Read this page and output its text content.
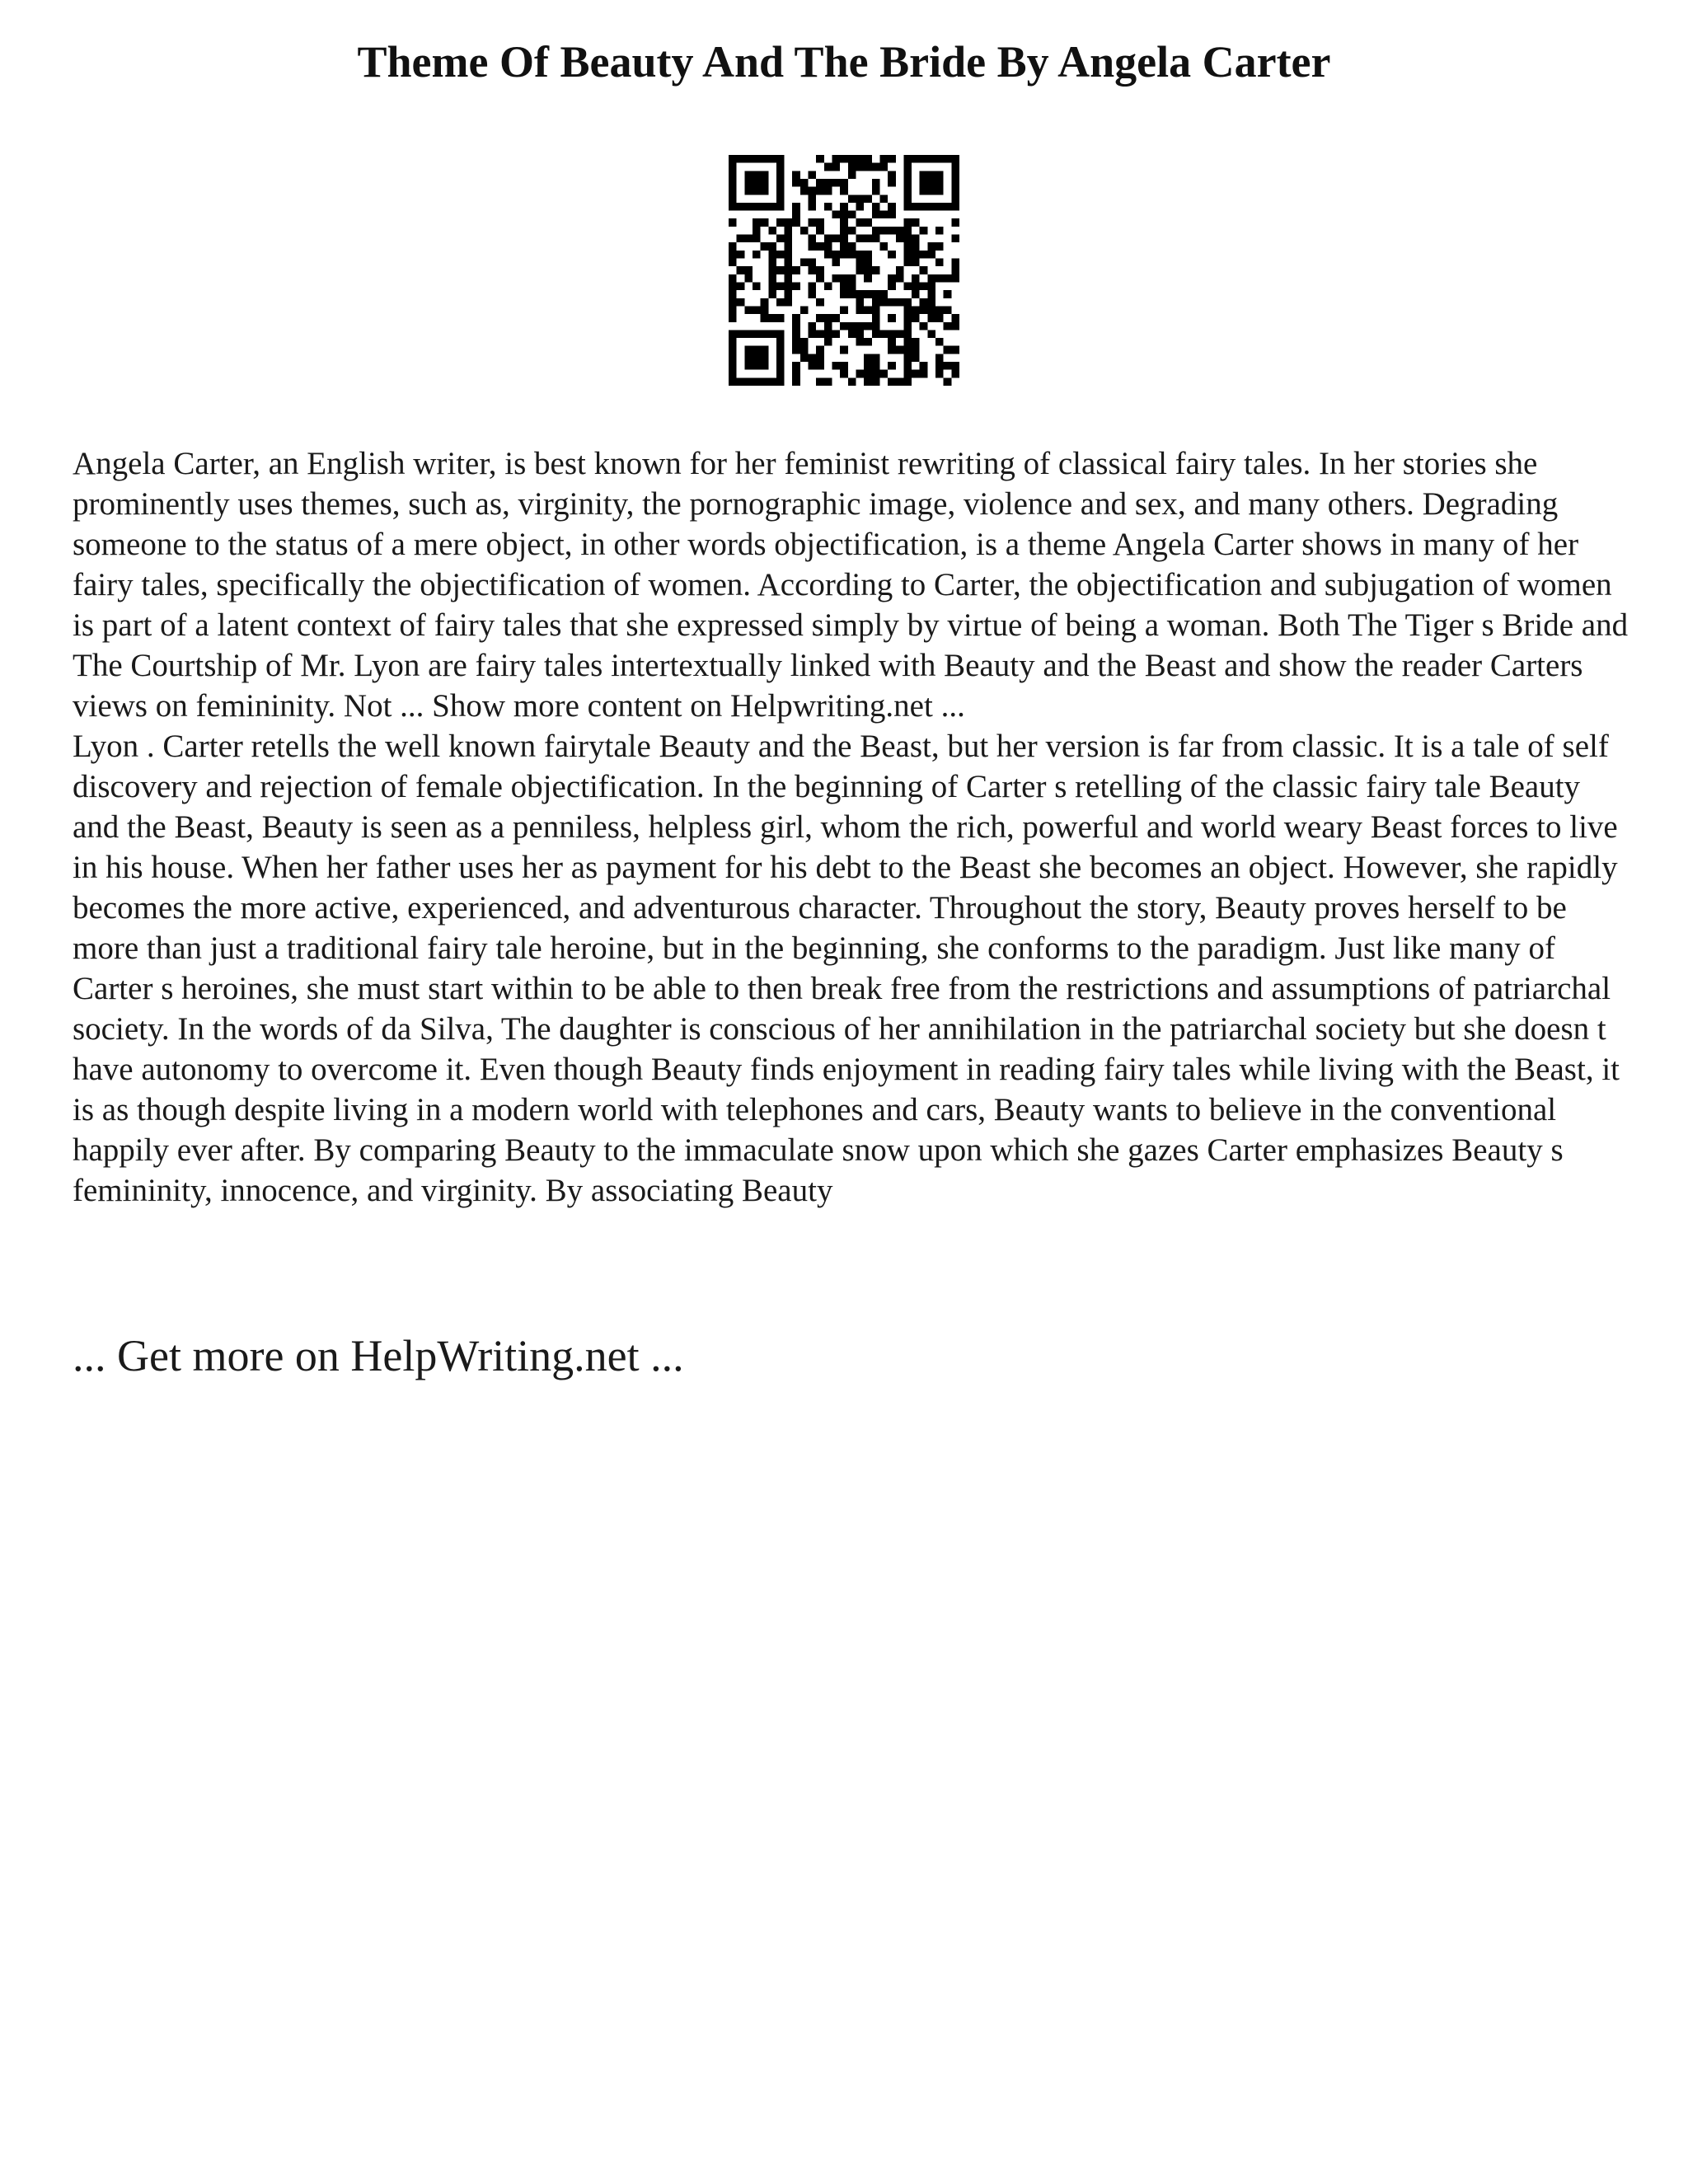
Theme Of Beauty And The Bride By Angela Carter

Angela Carter, an English writer, is best known for her feminist rewriting of classical fairy tales. In her stories she prominently uses themes, such as, virginity, the pornographic image, violence and sex, and many others. Degrading someone to the status of a mere object, in other words objectification, is a theme Angela Carter shows in many of her fairy tales, specifically the objectification of women. According to Carter, the objectification and subjugation of women is part of a latent context of fairy tales that she expressed simply by virtue of being a woman. Both The Tiger s Bride and The Courtship of Mr. Lyon are fairy tales intertextually linked with Beauty and the Beast and show the reader Carters views on femininity. Not ... Show more content on Helpwriting.net ...

Lyon . Carter retells the well known fairytale Beauty and the Beast, but her version is far from classic. It is a tale of self discovery and rejection of female objectification. In the beginning of Carter s retelling of the classic fairy tale Beauty and the Beast, Beauty is seen as a penniless, helpless girl, whom the rich, powerful and world weary Beast forces to live in his house. When her father uses her as payment for his debt to the Beast she becomes an object. However, she rapidly becomes the more active, experienced, and adventurous character. Throughout the story, Beauty proves herself to be more than just a traditional fairy tale heroine, but in the beginning, she conforms to the paradigm. Just like many of Carter s heroines, she must start within to be able to then break free from the restrictions and assumptions of patriarchal society. In the words of da Silva, The daughter is conscious of her annihilation in the patriarchal society but she doesn t have autonomy to overcome it. Even though Beauty finds enjoyment in reading fairy tales while living with the Beast, it is as though despite living in a modern world with telephones and cars, Beauty wants to believe in the conventional happily ever after. By comparing Beauty to the immaculate snow upon which she gazes Carter emphasizes Beauty s femininity, innocence, and virginity. By associating Beauty

... Get more on HelpWriting.net ...
